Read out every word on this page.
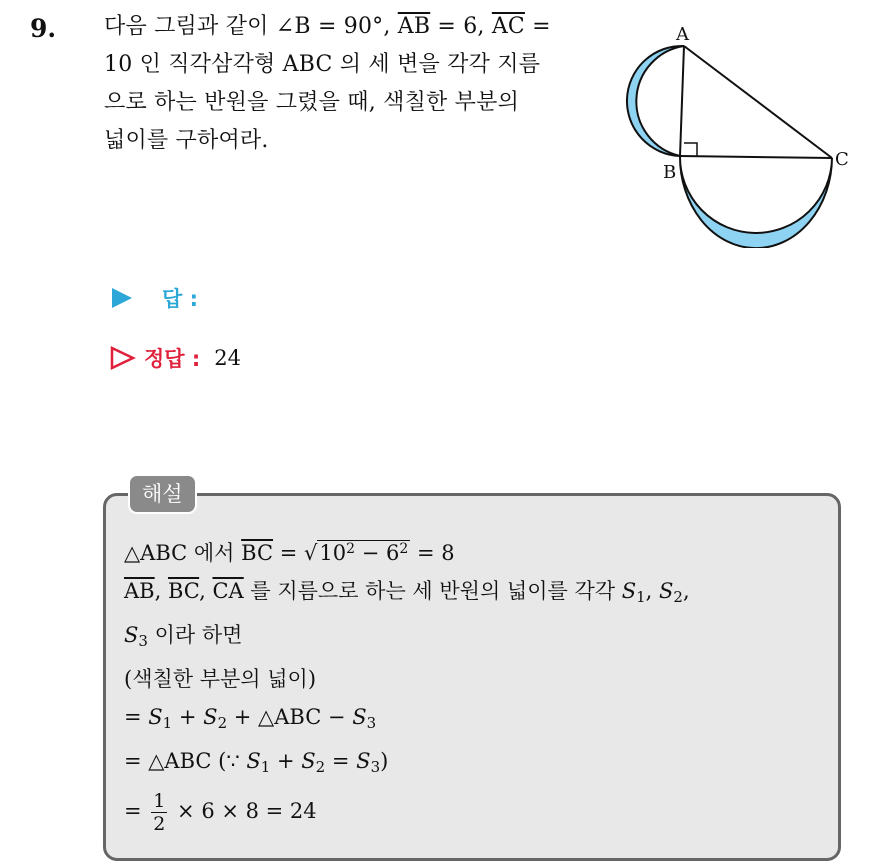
9. 다음 그림과 같이 ∠B = 90°, $\overline{AB} = 6$, $\overline{AC}$ =
10 인 직각삼각형 ABC 의 세 변을 각각 지름
으로 하는 반원을 그렸을 때, 색칠한 부분의
넓이를 구하여라.
A
B
C
답 :
정답 : 24
해설
△ABC 에서 $\overline{BC} = √10^2 - 6^2 = 8$
$\overline{AB}$, $\overline{BC}$, $\overline{CA}$ 를 지름으로 하는 세 반원의 넓이를 각각 $S_1$, $S_2$,
$S_3$ 이라 하면
(색칠한 부분의 넓이)
= $S_1 + S_2$ + △ABC − $S_3$
= △ABC (∵ $S_1 + S_2 = S_3$)
= $\frac{1}{2} \times 6 \times 8 = 24$
